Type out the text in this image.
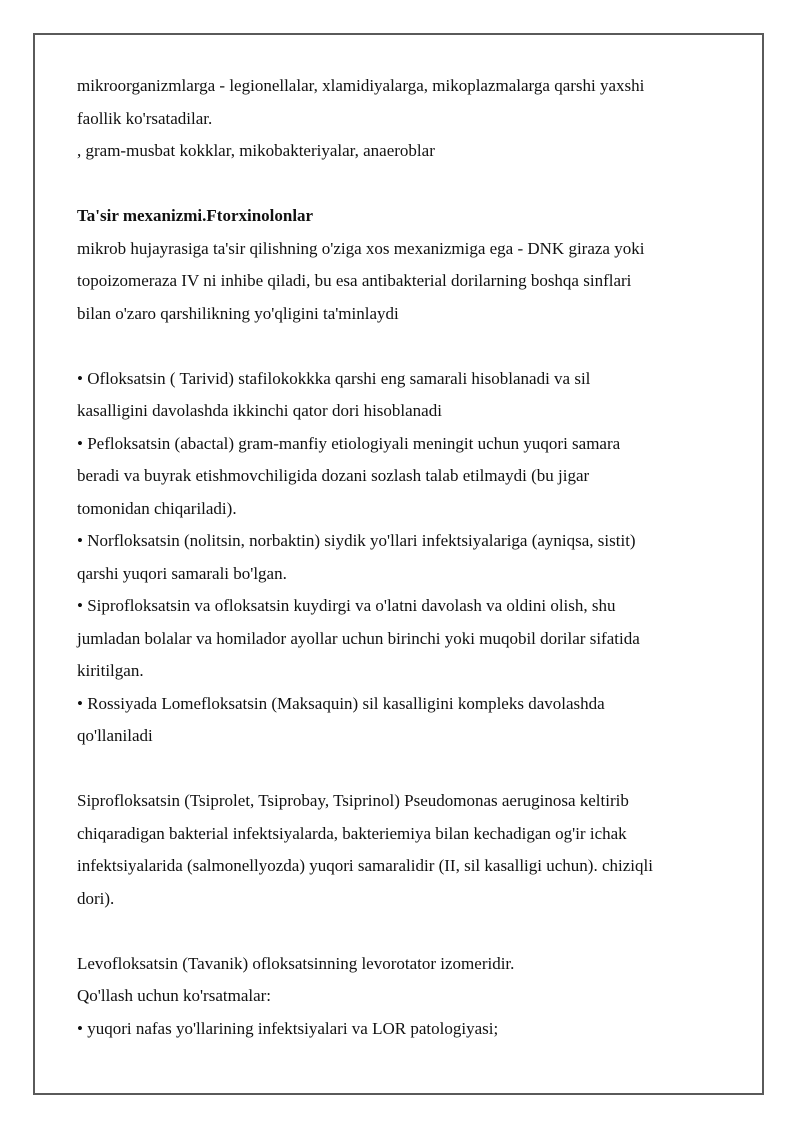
mikroorganizmlarga - legionellalar, xlamidiyalarga, mikoplazmalarga qarshi yaxshi
faollik ko'rsatadilar.
, gram-musbat kokklar, mikobakteriyalar, anaeroblar
Ta'sir mexanizmi.Ftorxinolonlar
mikrob hujayrasiga ta'sir qilishning o'ziga xos mexanizmiga ega - DNK giraza yoki
topoizomeraza IV ni inhibe qiladi, bu esa antibakterial dorilarning boshqa sinflari
bilan o'zaro qarshilikning yo'qligini ta'minlaydi
• Ofloksatsin ( Tarivid) stafilokokkka qarshi eng samarali hisoblanadi va sil
kasalligini davolashda ikkinchi qator dori hisoblanadi
• Pefloksatsin (abactal) gram-manfiy etiologiyali meningit uchun yuqori samara
beradi va buyrak etishmovchiligida dozani sozlash talab etilmaydi (bu jigar
tomonidan chiqariladi).
• Norfloksatsin (nolitsin, norbaktin) siydik yo'llari infektsiyalariga (ayniqsa, sistit)
qarshi yuqori samarali bo'lgan.
• Siprofloksatsin va ofloksatsin kuydirgi va o'latni davolash va oldini olish, shu
jumladan bolalar va homilador ayollar uchun birinchi yoki muqobil dorilar sifatida
kiritilgan.
• Rossiyada Lomefloksatsin (Maksaquin) sil kasalligini kompleks davolashda
qo'llaniladi
Siprofloksatsin (Tsiprolet, Tsiprobay, Tsiprinol) Pseudomonas aeruginosa keltirib
chiqaradigan bakterial infektsiyalarda, bakteriemiya bilan kechadigan og'ir ichak
infektsiyalarida (salmonellyozda) yuqori samaralidir (II, sil kasalligi uchun). chiziqli
dori).
Levofloksatsin (Tavanik) ofloksatsinning levorotator izomeridir.
Qo'llash uchun ko'rsatmalar:
• yuqori nafas yo'llarining infektsiyalari va LOR patologiyasi;
